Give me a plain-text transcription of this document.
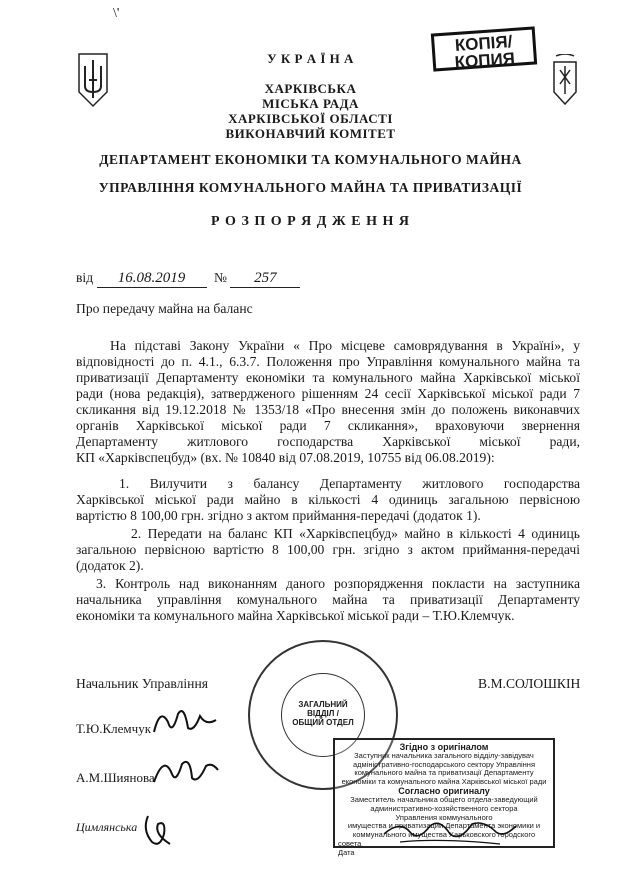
\'
У К Р А Ї Н А
ХАРКІВСЬКА
МІСЬКА РАДА
ХАРКІВСЬКОЇ ОБЛАСТІ
ВИКОНАВЧИЙ КОМІТЕТ
ДЕПАРТАМЕНТ ЕКОНОМІКИ ТА КОМУНАЛЬНОГО МАЙНА
УПРАВЛІННЯ КОМУНАЛЬНОГО МАЙНА ТА ПРИВАТИЗАЦІЇ
Р О З П О Р Я Д Ж Е Н Н Я
КОПІЯ/
КОПИЯ
від 16.08.2019 № 257
Про передачу майна на баланс
На підставі Закону України « Про місцеве самоврядування в Україні», у
відповідності до п. 4.1., 6.3.7. Положення про Управління комунального майна та
приватизації Департаменту економіки та комунального майна Харківської міської
ради (нова редакція), затвердженого рішенням 24 сесії Харківської міської ради 7
скликання від 19.12.2018 № 1353/18 «Про внесення змін до положень виконавчих
органів Харківської міської ради 7 скликання», враховуючи звернення
Департаменту житлового господарства Харківської міської ради,
КП «Харківспецбуд» (вх. № 10840 від 07.08.2019, 10755 від 06.08.2019):
1. Вилучити з балансу Департаменту житлового господарства
Харківської міської ради майно в кількості 4 одиниць загальною первісною
вартістю 8 100,00 грн. згідно з актом приймання-передачі (додаток 1).
2. Передати на баланс КП «Харківспецбуд» майно в кількості 4 одиниць
загальною первісною вартістю 8 100,00 грн. згідно з актом приймання-передачі
(додаток 2).
3. Контроль над виконанням даного розпорядження покласти на заступника
начальника управління комунального майна та приватизації Департаменту
економіки та комунального майна Харківської міської ради – Т.Ю.Клемчук.
ЗАГАЛЬНИЙ
ВІДДІЛ /
ОБЩИЙ ОТДЕЛ
Начальник Управління	В.М.СОЛОШКІН
Т.Ю.Клемчук
А.М.Шиянова
Цимлянська
Згідно з оригіналом
Заступник начальника загального відділу-завідувач
адміністративно-господарського сектору Управління
комунального майна та приватизації Департаменту
економіки та комунального майна Харківської міської ради
Согласно оригиналу
Заместитель начальника общего отдела-заведующий
административно-хозяйственного сектора
Управления коммунального
имущества и приватизации Департамента экономики и
коммунального имущества Харьковского городского
совета
Дата
